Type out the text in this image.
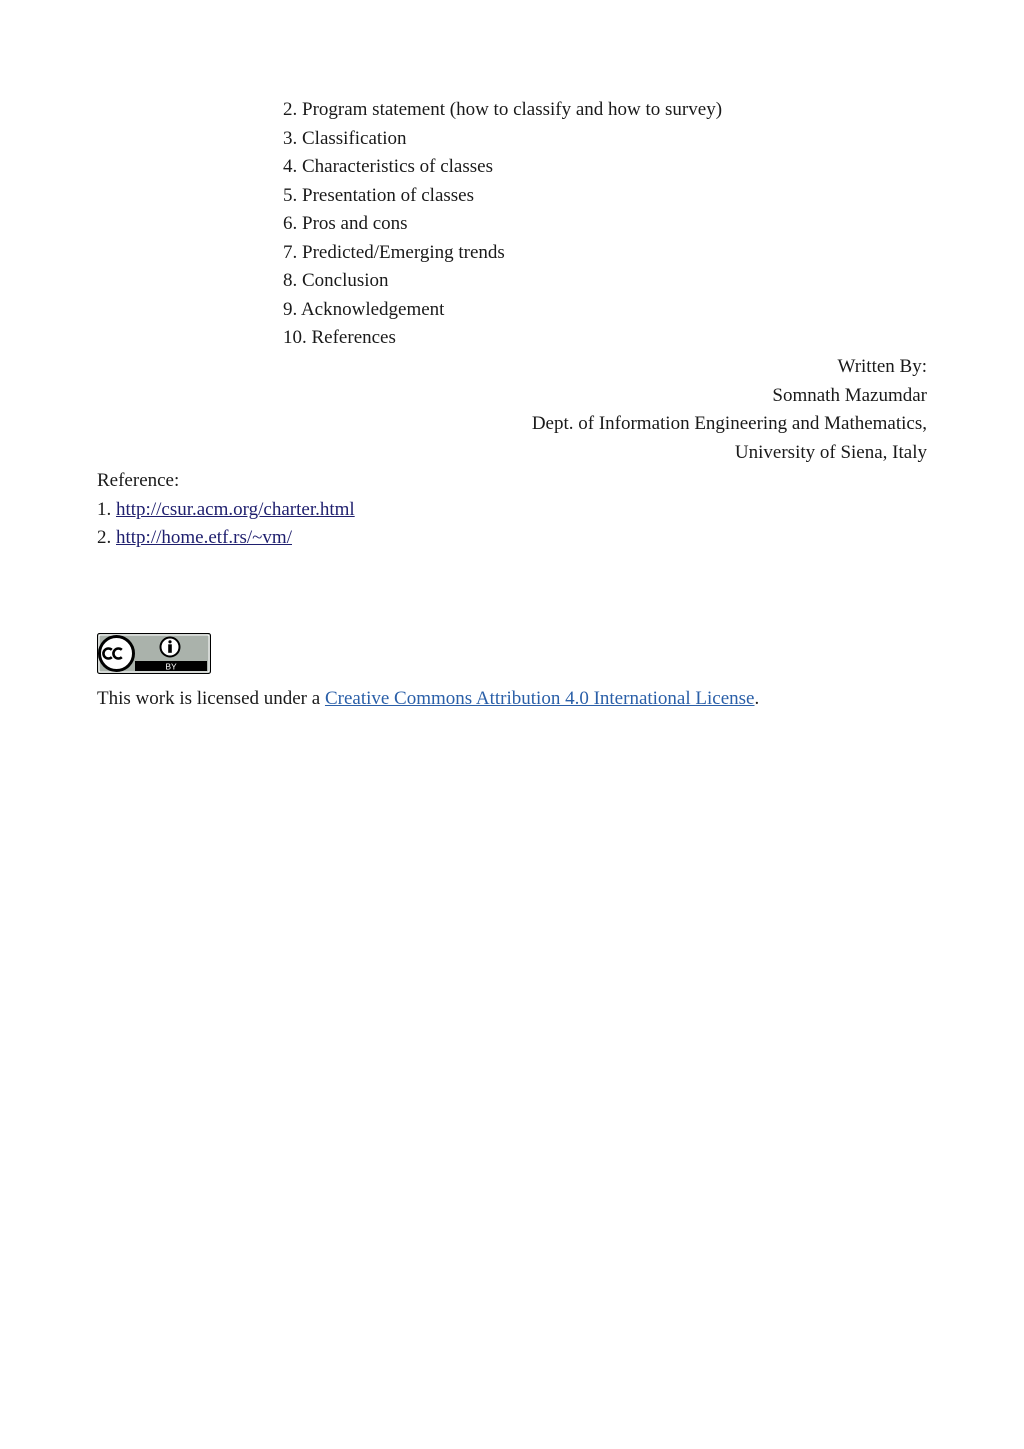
2. Program statement (how to classify and how to survey)
3. Classification
4. Characteristics of classes
5. Presentation of classes
6. Pros and cons
7. Predicted/Emerging trends
8. Conclusion
9. Acknowledgement
10. References
Written By:
Somnath Mazumdar
Dept. of Information Engineering and Mathematics,
University of Siena, Italy
Reference:
1. http://csur.acm.org/charter.html
2. http://home.etf.rs/~vm/
BY
This work is licensed under a Creative Commons Attribution 4.0 International License.
